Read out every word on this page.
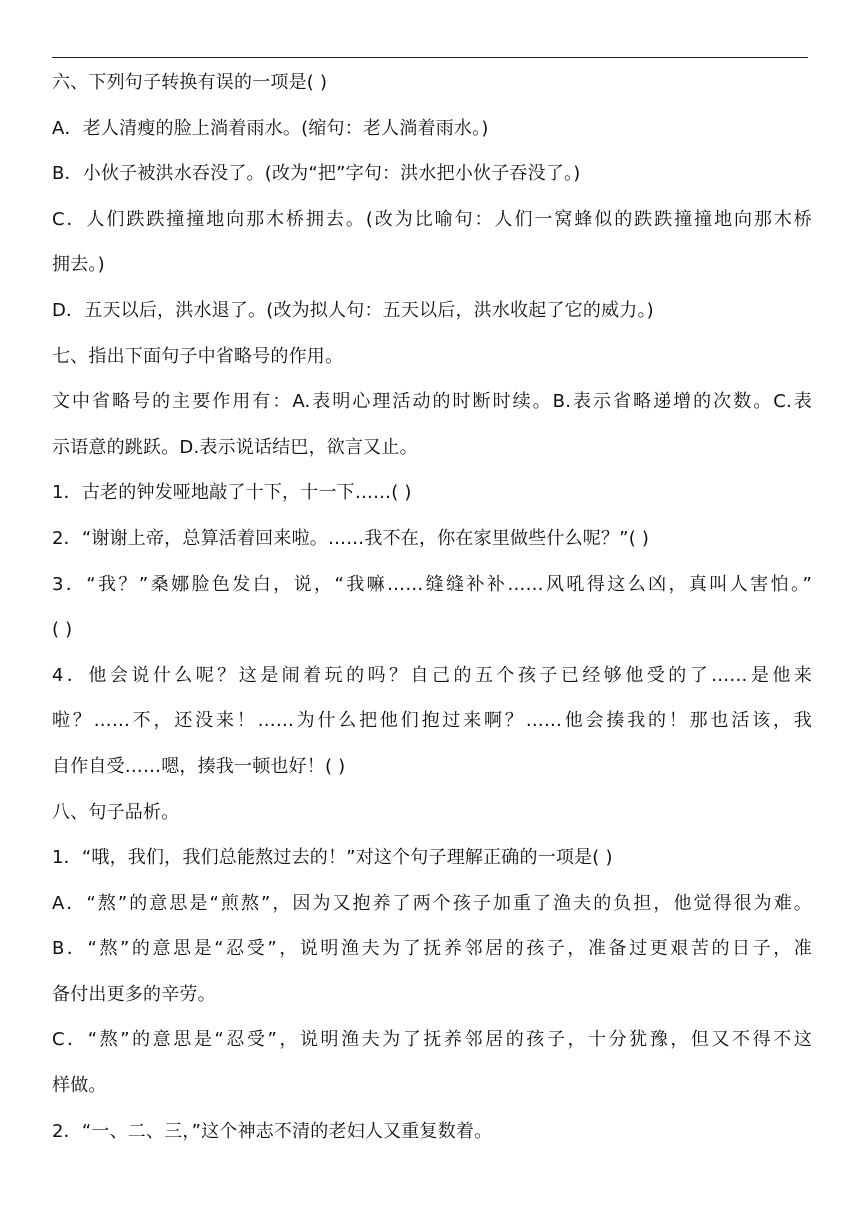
六、下列句子转换有误的一项是( )
A．老人清瘦的脸上淌着雨水。(缩句：老人淌着雨水。)
B．小伙子被洪水吞没了。(改为“把”字句：洪水把小伙子吞没了。)
C．人们跌跌撞撞地向那木桥拥去。(改为比喻句：人们一窝蜂似的跌跌撞撞地向那木桥
拥去。)
D．五天以后，洪水退了。(改为拟人句：五天以后，洪水收起了它的威力。)
七、指出下面句子中省略号的作用。
文中省略号的主要作用有：A.表明心理活动的时断时续。B.表示省略递增的次数。C.表
示语意的跳跃。D.表示说话结巴，欲言又止。
1．古老的钟发哑地敲了十下，十一下……( )
2．“谢谢上帝，总算活着回来啦。……我不在，你在家里做些什么呢？”( )
3．“我？”桑娜脸色发白，说，“我嘛……缝缝补补……风吼得这么凶，真叫人害怕。”
( )
4．他会说什么呢？这是闹着玩的吗？自己的五个孩子已经够他受的了……是他来
啦？……不，还没来！……为什么把他们抱过来啊？……他会揍我的！那也活该，我
自作自受……嗯，揍我一顿也好！( )
八、句子品析。
1．“哦，我们，我们总能熬过去的！”对这个句子理解正确的一项是( )
A．“熬”的意思是“煎熬”，因为又抱养了两个孩子加重了渔夫的负担，他觉得很为难。
B．“熬”的意思是“忍受”，说明渔夫为了抚养邻居的孩子，准备过更艰苦的日子，准
备付出更多的辛劳。
C．“熬”的意思是“忍受”，说明渔夫为了抚养邻居的孩子，十分犹豫，但又不得不这
样做。
2．“一、二、三，”这个神志不清的老妇人又重复数着。
